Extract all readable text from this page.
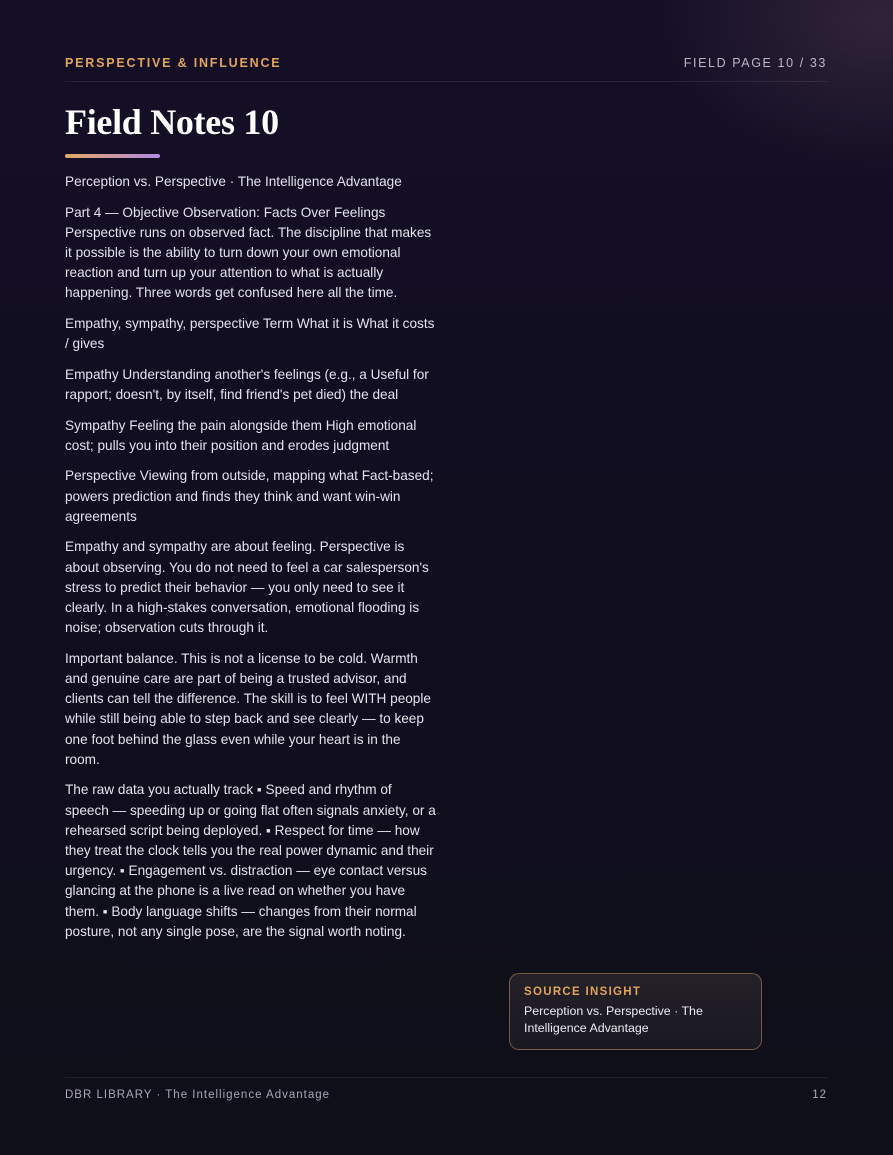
PERSPECTIVE & INFLUENCE	FIELD PAGE 10 / 33
Field Notes 10

Perception vs. Perspective · The Intelligence Advantage

Part 4 — Objective Observation: Facts Over Feelings Perspective runs on observed fact. The discipline that makes it possible is the ability to turn down your own emotional reaction and turn up your attention to what is actually happening. Three words get confused here all the time.

Empathy, sympathy, perspective Term What it is What it costs / gives

Empathy Understanding another's feelings (e.g., a Useful for rapport; doesn't, by itself, find friend's pet died) the deal

Sympathy Feeling the pain alongside them High emotional cost; pulls you into their position and erodes judgment

Perspective Viewing from outside, mapping what Fact-based; powers prediction and finds they think and want win-win agreements

Empathy and sympathy are about feeling. Perspective is about observing. You do not need to feel a car salesperson's stress to predict their behavior — you only need to see it clearly. In a high-stakes conversation, emotional flooding is noise; observation cuts through it.

Important balance. This is not a license to be cold. Warmth and genuine care are part of being a trusted advisor, and clients can tell the difference. The skill is to feel WITH people while still being able to step back and see clearly — to keep one foot behind the glass even while your heart is in the room.

The raw data you actually track ▪ Speed and rhythm of speech — speeding up or going flat often signals anxiety, or a rehearsed script being deployed. ▪ Respect for time — how they treat the clock tells you the real power dynamic and their urgency. ▪ Engagement vs. distraction — eye contact versus glancing at the phone is a live read on whether you have them. ▪ Body language shifts — changes from their normal posture, not any single pose, are the signal worth noting.

SOURCE INSIGHT
Perception vs. Perspective · The Intelligence Advantage
DBR LIBRARY · The Intelligence Advantage	12
